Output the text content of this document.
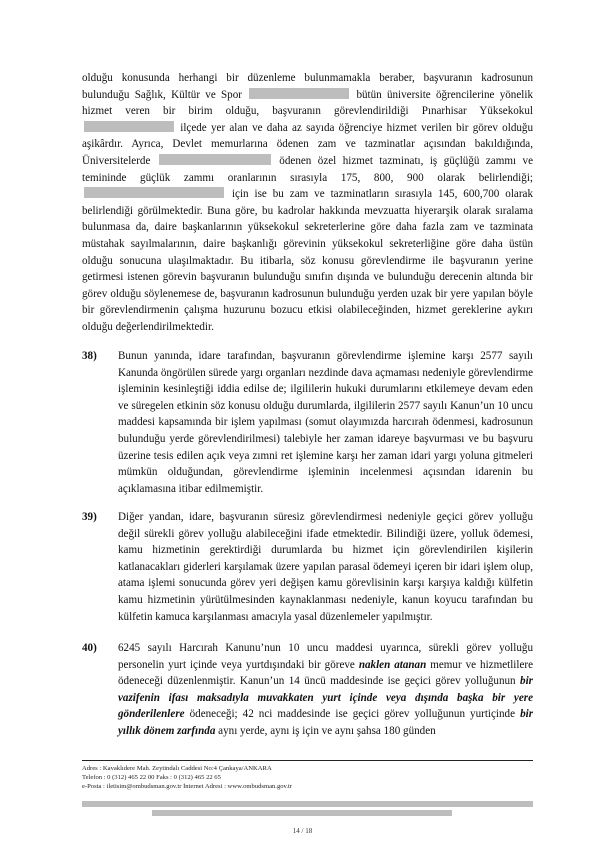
olduğu konusunda herhangi bir düzenleme bulunmamakla beraber, başvuranın kadrosunun bulunduğu Sağlık, Kültür ve Spor	bütün üniversite öğrencilerine yönelik hizmet veren bir birim olduğu, başvuranın görevlendirildiği Pınarhisar Yüksekokul  ilçede yer alan ve daha az sayıda öğrenciye hizmet verilen bir görev olduğu aşikârdır. Ayrıca, Devlet memurlarına ödenen zam ve tazminatlar açısından bakıldığında, Üniversitelerde	ödenen özel hizmet tazminatı, iş güçlüğü zammı ve temininde güçlük zammı oranlarının sırasıyla 175, 800, 900 olarak belirlendiği;  için ise bu zam ve tazminatların sırasıyla 145, 600,700 olarak belirlendiği görülmektedir. Buna göre, bu kadrolar hakkında mevzuatta hiyerarşik olarak sıralama bulunmasa da, daire başkanlarının yüksekokul sekreterlerine göre daha fazla zam ve tazminata müstahak sayılmalarının, daire başkanlığı görevinin yüksekokul sekreterliğine göre daha üstün olduğu sonucuna ulaşılmaktadır. Bu itibarla, söz konusu görevlendirme ile başvuranın yerine getirmesi istenen görevin başvuranın bulunduğu sınıfın dışında ve bulunduğu derecenin altında bir görev olduğu söylenemese de, başvuranın kadrosunun bulunduğu yerden uzak bir yere yapılan böyle bir görevlendirmenin çalışma huzurunu bozucu etkisi olabileceğinden, hizmet gereklerine aykırı olduğu değerlendirilmektedir.
38) Bunun yanında, idare tarafından, başvuranın görevlendirme işlemine karşı 2577 sayılı Kanunda öngörülen sürede yargı organları nezdinde dava açmaması nedeniyle görevlendirme işleminin kesinleştiği iddia edilse de; ilgililerin hukuki durumlarını etkilemeye devam eden ve süregelen etkinin söz konusu olduğu durumlarda, ilgililerin 2577 sayılı Kanun’un 10 uncu maddesi kapsamında bir işlem yapılması (somut olayımızda harcırah ödenmesi, kadrosunun bulunduğu yerde görevlendirilmesi) talebiyle her zaman idareye başvurması ve bu başvuru üzerine tesis edilen açık veya zımni ret işlemine karşı her zaman idari yargı yoluna gitmeleri mümkün olduğundan, görevlendirme işleminin incelenmesi açısından idarenin bu açıklamasına itibar edilmemiştir.
39) Diğer yandan, idare, başvuranın süresiz görevlendirmesi nedeniyle geçici görev yolluğu değil sürekli görev yolluğu alabileceğini ifade etmektedir. Bilindiği üzere, yolluk ödemesi, kamu hizmetinin gerektirdiği durumlarda bu hizmet için görevlendirilen kişilerin katlanacakları giderleri karşılamak üzere yapılan parasal ödemeyi içeren bir idari işlem olup, atama işlemi sonucunda görev yeri değişen kamu görevlisinin karşı karşıya kaldığı külfetin kamu hizmetinin yürütülmesinden kaynaklanması nedeniyle, kanun koyucu tarafından bu külfetin kamuca karşılanması amacıyla yasal düzenlemeler yapılmıştır.
40) 6245 sayılı Harcırah Kanunu’nun 10 uncu maddesi uyarınca, sürekli görev yolluğu personelin yurt içinde veya yurtdışındaki bir göreve naklen atanan memur ve hizmetlilere ödeneceği düzenlenmiştir. Kanun’un 14 üncü maddesinde ise geçici görev yolluğunun bir vazifenin ifası maksadıyla muvakkaten yurt içinde veya dışında başka bir yere gönderilenlere ödeneceği; 42 nci maddesinde ise geçici görev yolluğunun yurtiçinde bir yıllık dönem zarfında aynı yerde, aynı iş için ve aynı şahsa 180 günden
Adres : Kavaklıdere Mah. Zeytindalı Caddesi No:4 Çankaya/ANKARA
Telefon : 0 (312) 465 22 00 Faks : 0 (312) 465 22 65
e-Posta : iletisim@ombudsman.gov.tr İnternet Adresi : www.ombudsman.gov.tr
14 / 18
